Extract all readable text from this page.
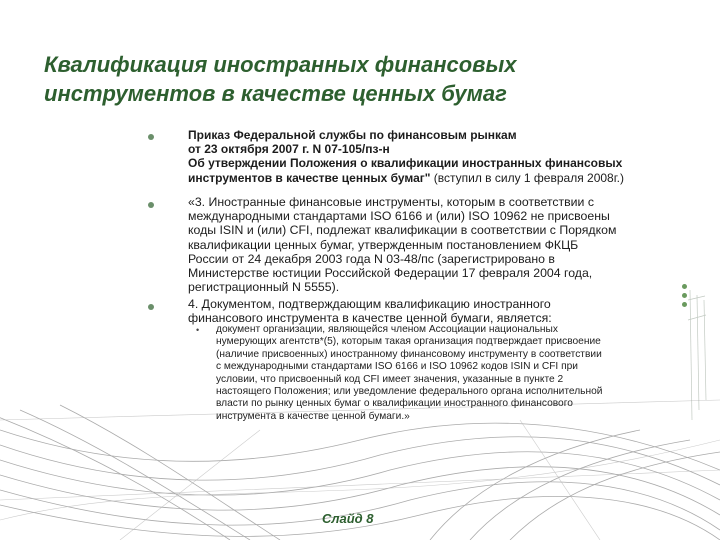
Квалификация иностранных финансовых
инструментов в качестве ценных бумаг
Приказ Федеральной службы по финансовым рынкам
от 23 октября 2007 г. N 07-105/пз-н
Об утверждении Положения о квалификации иностранных финансовых
инструментов в качестве ценных бумаг" (вступил в силу 1 февраля 2008г.)
«3. Иностранные финансовые инструменты, которым в соответствии с
международными стандартами ISO 6166 и (или) ISO 10962 не присвоены
коды ISIN и (или) CFI, подлежат квалификации в соответствии с Порядком
квалификации ценных бумаг, утвержденным постановлением ФКЦБ
России от 24 декабря 2003 года N 03-48/пс (зарегистрировано в
Министерстве юстиции Российской Федерации 17 февраля 2004 года,
регистрационный N 5555).
4. Документом, подтверждающим квалификацию иностранного
финансового инструмента в качестве ценной бумаги, является:
•	документ организации, являющейся членом Ассоциации национальных
нумерующих агентств*(5), которым такая организация подтверждает присвоение
(наличие присвоенных) иностранному финансовому инструменту в соответствии
с международными стандартами ISO 6166 и ISO 10962 кодов ISIN и CFI при
условии, что присвоенный код CFI имеет значения, указанные в пункте 2
настоящего Положения; или уведомление федерального органа исполнительной
власти по рынку ценных бумаг о квалификации иностранного финансового
инструмента в качестве ценной бумаги.»
Слайд 8
